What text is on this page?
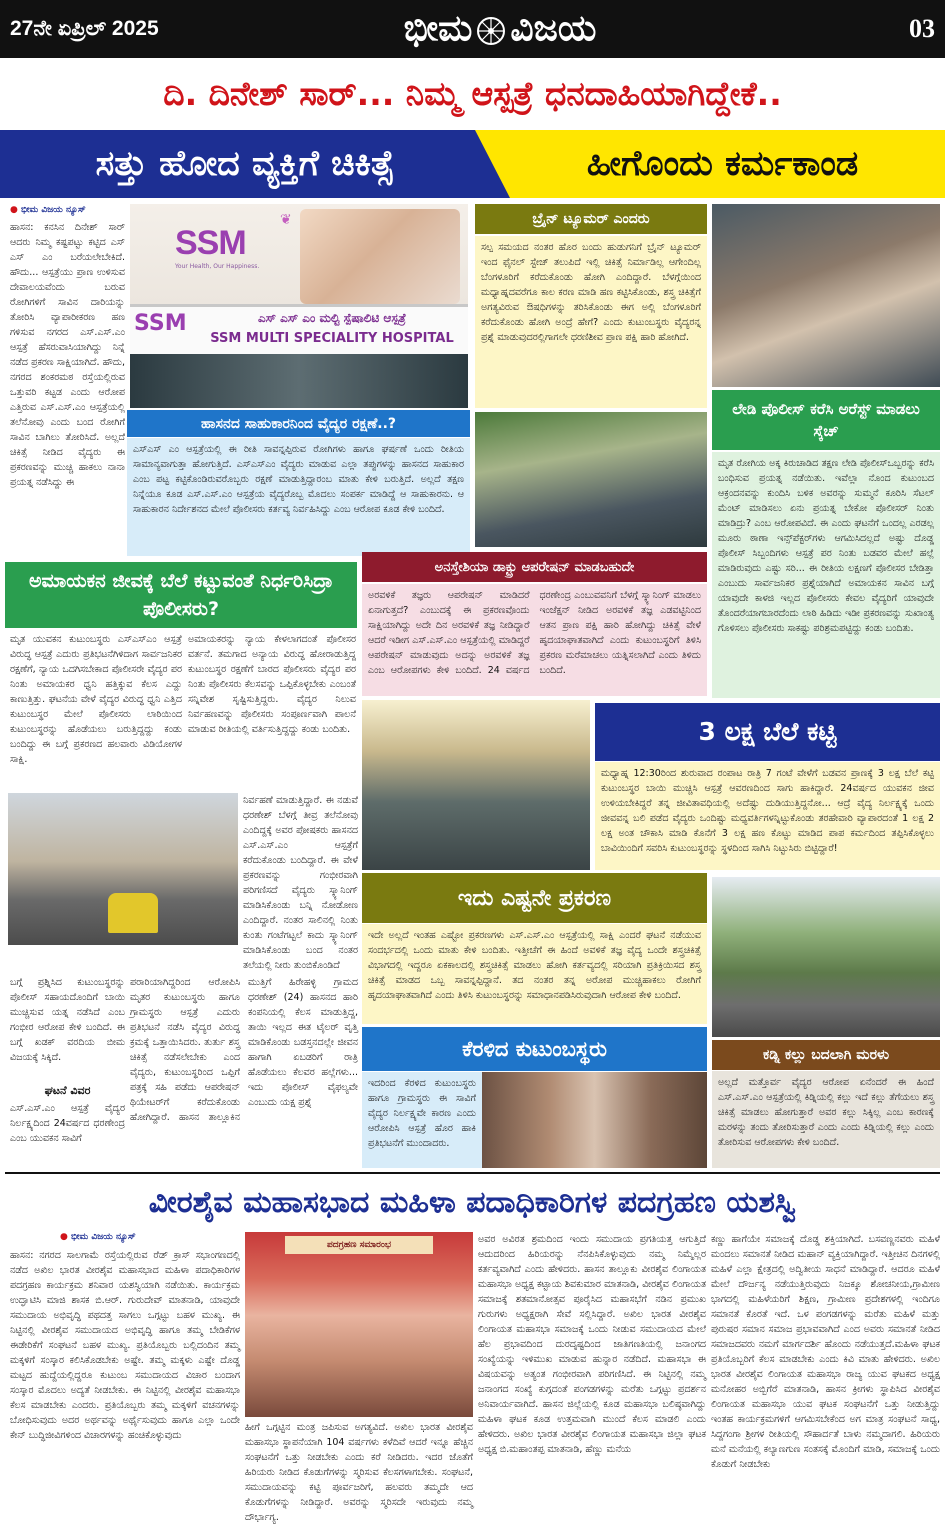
27ನೇ ಏಪ್ರಿಲ್ 2025	ಭೀಮ ವಿಜಯ	03
ದಿ. ದಿನೇಶ್ ಸಾರ್... ನಿಮ್ಮ ಆಸ್ಪತ್ರೆ ಧನದಾಹಿಯಾಗಿದ್ದೇಕೆ..
ಸತ್ತು ಹೋದ ವ್ಯಕ್ತಿಗೆ ಚಿಕಿತ್ಸೆ	ಹೀಗೊಂದು ಕರ್ಮಕಾಂಡ
● ಭೀಮ ವಿಜಯ ನ್ಯೂಸ್
ಹಾಸನ: ಕನಸಿನ ದಿನೇಶ್ ಸಾರ್ ಆದರು ನಿಮ್ಮ ಕಷ್ಟಪಟ್ಟು ಕಟ್ಟಿದ ಎಸ್ ಎಸ್ ಎಂ ಬರೆಯಲೇಬೇಕಿದೆ. ಹೌದು... ಆಸ್ಪತ್ರೆಯು ಪ್ರಾಣ ಉಳಿಸುವ ದೇವಾಲಯವೆಂದು ಬರುವ ರೋಗಿಗಳಿಗೆ ಸಾವಿನ ದಾರಿಯನ್ನು ತೋರಿಸಿ ವ್ಯಾಪಾರೀಕರಣ ಹಣ ಗಳಿಸುವ ನಗರದ ಎಸ್.ಎಸ್.ಎಂ ಆಸ್ಪತ್ರೆ ಹೆಸರುವಾಸಿಯಾಗಿದ್ದು ನಿನ್ನೆ ನಡೆದ ಪ್ರಕರಣ ಸಾಕ್ಷಿಯಾಗಿದೆ. ಹೌದು, ನಗರದ ಶಂಕರಮಠ ರಸ್ತೆಯಲ್ಲಿರುವ ಒತ್ತುವರಿ ಕಟ್ಟಡ ಎಂದು ಆರೋಪ ಎತ್ತಿರುವ ಎಸ್.ಎಸ್.ಎಂ ಆಸ್ಪತ್ರೆಯಲ್ಲಿ ತಲೆನೋವು ಎಂದು ಬಂದ ರೋಗಿಗೆ ಸಾವಿನ ಬಾಗಿಲು ತೋರಿಸಿದೆ. ಅಲ್ಲದೆ ಚಿಕಿತ್ಸೆ ನೀಡಿದ ವೈದ್ಯರು ಈ ಪ್ರಕರಣವನ್ನು ಮುಚ್ಚಿ ಹಾಕಲು ನಾನಾ ಪ್ರಯತ್ನ ನಡೆಸಿದ್ದು ಈ
❦
SSM
Your Health, Our Happiness.
SSM	ಎಸ್ ಎಸ್ ಎಂ ಮಲ್ಟಿ ಸ್ಪೆಷಾಲಿಟಿ ಆಸ್ಪತ್ರೆ
SSM MULTI SPECIALITY HOSPITAL
ಹಾಸನದ ಸಾಹುಕಾರನಿಂದ ವೈದ್ಯರ ರಕ್ಷಣೆ..?
ಎಸ್ಎಸ್ ಎಂ ಆಸ್ಪತ್ರೆಯಲ್ಲಿ ಈ ರೀತಿ ಸಾವನ್ನಪ್ಪಿರುವ ರೋಗಿಗಳು ಹಾಗೂ ಘರ್ಷಣೆ ಒಂದು ರೀತಿಯ ಸಾಮಾನ್ಯವಾಗುತ್ತಾ ಹೋಗುತ್ತಿದೆ. ಎಸ್ಎಸ್ಎಂ ವೈದ್ಯರು ಮಾಡುವ ಎಲ್ಲಾ ತಪ್ಪುಗಳನ್ನು ಹಾಸನದ ಸಾಹುಕಾರ ಎಂಬ ಪಟ್ಟ ಕಟ್ಟಿಕೊಂಡಿರುವರೊಬ್ಬರು ರಕ್ಷಣೆ ಮಾಡುತ್ತಿದ್ದಾರಂಬ ಮಾತು ಕೇಳಿ ಬರುತ್ತಿದೆ. ಅಲ್ಲದೆ ತಕ್ಷಣ ನಿನ್ನೆಯೂ ಕೂಡ ಎಸ್.ಎಸ್.ಎಂ ಆಸ್ಪತ್ರೆಯ ವೈದ್ಯರೊಬ್ಬ ಮೊದಲು ಸಂಪರ್ಕ ಮಾಡಿದ್ದೆ ಆ ಸಾಹುಕಾರನು. ಆ ಸಾಹುಕಾರನ ನಿರ್ದೇಶನದ ಮೇಲೆ ಪೊಲೀಸರು ಕರ್ತವ್ಯ ನಿರ್ವಹಿಸಿದ್ದು ಎಂಬ ಆರೋಪ ಕೂಡ ಕೇಳಿ ಬಂದಿದೆ.
ಬ್ರೈನ್ ಟ್ಯೂಮರ್ ಎಂದರು
ಸಲ್ಪ ಸಮಯದ ನಂತರ ಹೊರ ಬಂದು ಹುಡುಗನಿಗೆ ಬ್ರೈನ್ ಟ್ಯೂಮರ್ ಇಂದ ಫೈನಲ್ ಸ್ಟೇಜ್ ತಲುಪಿದೆ ಇಲ್ಲಿ ಚಿಕಿತ್ಸೆ ನಿರ್ಮಾಡಿಲ್ಲ ಆಗೇಂದಿಲ್ಲ ಬೆಂಗಳೂರಿಗೆ ಕರೆದುಕೊಂಡು ಹೋಗಿ ಎಂದಿದ್ದಾರೆ. ಬೆಳಗ್ಗೆಯಿಂದ ಮಧ್ಯಾಹ್ನದವರೆಗೂ ಕಾಲ ಕರಣ ಮಾಡಿ ಹಣ ಕಟ್ಟಿಸಿಕೊಂಡು, ಶಸ್ತ್ರ ಚಿಕಿತ್ಸೆಗೆ ಅಗತ್ಯವಿರುವ ಔಷಧಿಗಳನ್ನು ತರಿಸಿಕೊಂಡು ಈಗ ಅಲ್ಲಿ ಬೆಂಗಳೂರಿಗೆ ಕರೆದುಕೊಂಡು ಹೋಗಿ ಅಂದ್ರೆ ಹೇಗೆ? ಎಂದು ಕುಟುಂಬಸ್ಥರು ವೈದ್ಯರನ್ನ ಪ್ರಶ್ನೆ ಮಾಡುವುದರಲ್ಲಿಗಾಗಲೇ ಧರಣಿಶೀವ ಪ್ರಾಣ ಪಕ್ಷಿ ಹಾರಿ ಹೋಗಿದೆ.
ಲೇಡಿ ಪೊಲೀಸ್ ಕರೆಸಿ ಅರೆಸ್ಟ್ ಮಾಡಲು ಸ್ಕೆಚ್
ಮೃತ ರೋಗಿಯ ಅಕ್ಕ ಕಿರುಚಾಡಿದ ತಕ್ಷಣ ಲೇಡಿ ಪೊಲೀಸ್‌ಒಬ್ಬರನ್ನು ಕರೆಸಿ ಬಂಧಿಸುವ ಪ್ರಯತ್ನ ನಡೆಯಿತು. ಇವೆಲ್ಲಾ ನೊಂದ ಕುಟುಂಬದ ಆಕ್ರಂದನವನ್ನು ಕುಂದಿಸಿ ಬಳಿಕ ಅವರನ್ನು ಸುಮ್ಮನೆ ಕೂರಿಸಿ ಸೆಟಲ್ ಮೆಂಟ್ ಮಾಡಿಸಲು ಏನು ಪ್ರಯತ್ನ ಬೇಕೋ ಪೊಲೀಸರ್ ನಿಂತು ಮಾಡಿದ್ರು? ಎಂಬ ಆರೋಪವಿದೆ. ಈ ಎಂದು ಘಟನೆಗೆ ಒಂದಲ್ಲ ಎರಡಲ್ಲ ಮೂರು ಠಾಣಾ ಇನ್ಸ್‌ಪೆಕ್ಟರ್‌ಗಳು ಆಗಮಿಸಿದಲ್ಲದೆ ಅಷ್ಟು ದೊಡ್ಡ ಪೊಲೀಸ್ ಸಿಬ್ಬಂದಿಗಳು ಆಸ್ಪತ್ರೆ ಪರ ನಿಂತು ಬಡವರ ಮೇಲೆ ಹಲ್ಲೆ ಮಾಡಿರುವುದು ಎಷ್ಟು ಸರಿ... ಈ ರೀತಿಯ ಲಕ್ಷಣಗೆ ಪೊಲೀಸರ ಬೇಡಿತ್ತಾ ಎಂಬುದು ಸಾರ್ವಜನಿಕರ ಪ್ರಶ್ನೆಯಾಗಿದೆ ಅಮಾಯಕನ ಸಾವಿನ ಬಗ್ಗೆ ಯಾವುದೇ ಕಾಳಜಿ ಇಲ್ಲದ ಪೊಲೀಸರು ಕೇವಲ ವೈದ್ಯರಿಗೆ ಯಾವುದೇ ತೊಂದರೆಯಾಗಬಾರದೆಂದು ಲಾಠಿ ಹಿಡಿದು ಇಡೀ ಪ್ರಕರಣವನ್ನು ಸುಖಾಂತ್ಯ ಗೊಳಿಸಲು ಪೊಲೀಸರು ಸಾಕಷ್ಟು ಪರಿಶ್ರಮಪಟ್ಟಿದ್ದು ಕಂಡು ಬಂದಿತು.
ಅಮಾಯಕನ ಜೀವಕ್ಕೆ ಬೆಲೆ ಕಟ್ಟುವಂತೆ ನಿರ್ಧರಿಸಿದ್ರಾ ಪೊಲೀಸರು?
ಮೃತ ಯುವಕನ ಕುಟುಂಬಸ್ಥರು ಎಸ್ಎಸ್ಎಂ ಆಸ್ಪತ್ರೆ ವಿರುದ್ಧ ಆಸ್ಪತ್ರೆ ಎದುರು ಪ್ರತಿಭಟನೆಗಿಳಿದಾಗ ಸಾರ್ವಜನಿಕರ ರಕ್ಷಣೆಗೆ, ನ್ಯಾಯ ಒದಗಿಸಬೇಕಾದ ಪೊಲೀಸರೇ ವೈದ್ಯರ ಪರ ನಿಂತು ಅಮಾಯಕರ ಧ್ವನಿ ಹತ್ತಿಕ್ಕುವ ಕೆಲಸ ಎದ್ದು ಕಾಣುತ್ತಿತ್ತು. ಘಟನೆಯ ವೇಳೆ ವೈದ್ಯರ ವಿರುದ್ಧ ಧ್ವನಿ ಎತ್ತಿದ ಕುಟುಂಬಸ್ಥರ ಮೇಲೆ ಪೊಲೀಸರು ಲಾಠಿಯಿಂದ ಕುಟುಂಬಸ್ಥರನ್ನು ಹೊಡೆಯಲು ಬರುತ್ತಿದ್ದದ್ದು ಕಂಡು ಬಂದಿದ್ದು ಈ ಬಗ್ಗೆ ಪ್ರಕರಣದ ಹಲವಾರು ವಿಡಿಯೋಗಳ ಸಾಕ್ಷಿ.
ಅಮಾಯಕರನ್ನು ನ್ಯಾಯ ಕೇಳಲಾಗದಂತೆ ಪೊಲೀಸರ ವರ್ತನೆ. ತಮಗಾದ ಅನ್ಯಾಯ ವಿರುದ್ಧ ಹೋರಾಡುತ್ತಿದ್ದ ಕುಟುಂಬಸ್ಥರ ರಕ್ಷಣೆಗೆ ಬಾರದ ಪೊಲೀಸರು ವೈದ್ಯರ ಪರ ನಿಂತು ಪೊಲೀಸರು ಕೆಲಸವನ್ನು ಒಪ್ಪಿಕೊಳ್ಳಬೇಕು ಎಂಬಂತೆ ಸನ್ನಿವೇಶ ಸೃಷ್ಟಿಸುತ್ತಿದ್ದರು. ವೈದ್ಯರ ನಿಲುವ ನಿರ್ವಹಣವನ್ನು ಪೊಲೀಸರು ಸಂಪೂರ್ಣವಾಗಿ ಪಾಲನೆ ಮಾಡುವ ರೀತಿಯಲ್ಲಿ ವರ್ತಿಸುತ್ತಿದ್ದದ್ದು ಕಂಡು ಬಂದಿತು.
ಅನಸ್ತೇಶಿಯಾ ಡಾಕ್ಟ್ರು ಆಪರೇಷನ್ ಮಾಡಬಹುದೇ
ಅರವಳಿಕೆ ತಜ್ಞರು ಆಪರೇಷನ್ ಮಾಡಿದರೆ ಏನಾಗುತ್ತದೆ? ಎಂಬುದಕ್ಕೆ ಈ ಪ್ರಕರಣವೊಂದು ಸಾಕ್ಷಿಯಾಗಿದ್ದು ಅದೇ ದಿನ ಅರವಳಿಕೆ ತಜ್ಞ ನೀಡಿದ್ದಾರೆ ಆದರೆ ಇಡೀಗ ಎಸ್.ಎಸ್.ಎಂ ಆಸ್ಪತ್ರೆಯಲ್ಲಿ ಮಾಡಿದ್ದರೆ ಆಪರೇಷನ್ ಮಾಡುವುದು ಅದನ್ನು ಅರವಳಿಕೆ ತಜ್ಞ ಎಂಬ ಆರೋಪಗಳು ಕೇಳಿ ಬಂದಿದೆ. 24 ವರ್ಷದ ಧರಣೇಂದ್ರ ಎಂಬುವವನಿಗೆ ಬೆಳಗ್ಗೆ ಸ್ಕ್ಯಾನಿಂಗ್ ಮಾಡಲು ಇಂಜೆಕ್ಷನ್ ನೀಡಿದ ಅರವಳಿಕೆ ತಜ್ಞ ಎಡವಟ್ಟಿನಿಂದ ಆತನ ಪ್ರಾಣ ಪಕ್ಷಿ ಹಾರಿ ಹೋಗಿದ್ದು ಚಿಕಿತ್ಸೆ ವೇಳೆ ಹೃದಯಾಘಾತವಾಗಿದೆ ಎಂದು ಕುಟುಂಬಸ್ಥರಿಗೆ ತಿಳಿಸಿ ಪ್ರಕರಣ ಮರೆಮಾಚಲು ಯತ್ನಿಸಲಾಗಿದೆ ಎಂದು ತಿಳಿದು ಬಂದಿದೆ.
ನಿರ್ವಹಣೆ ಮಾಡುತ್ತಿದ್ದಾರೆ. ಈ ನಡುವೆ ಧರಣೇಶ್ ಬೆಳಗ್ಗೆ ತೀವ್ರ ತಲೆನೋವು ಎಂದಿದ್ದಕ್ಕೆ ಅವರ ಪೋಷಕರು ಹಾಸನದ ಎಸ್.ಎಸ್.ಎಂ ಆಸ್ಪತ್ರೆಗೆ ಕರೆದುಕೊಂಡು ಬಂದಿದ್ದಾರೆ. ಈ ವೇಳೆ ಪ್ರಕರಣವನ್ನು ಗಂಭೀರವಾಗಿ ಪರಿಗಣಿಸದೆ ವೈದ್ಯರು ಸ್ಕ್ಯಾನಿಂಗ್ ಮಾಡಿಸಿಕೊಂಡು ಬನ್ನಿ ನೋಡೋಣ ಎಂದಿದ್ದಾರೆ. ನಂತರ ಸಾಲಿನಲ್ಲಿ ನಿಂತು ಕುಂತು ಗಂಟೆಗಟ್ಟಲೆ ಕಾದು ಸ್ಕ್ಯಾನಿಂಗ್ ಮಾಡಿಸಿಕೊಂಡು ಬಂದ ನಂತರ ತಲೆಯಲ್ಲಿ ನೀರು ತುಂಬಿಕೊಂಡಿದೆ
ಬಗ್ಗೆ ಪ್ರಶ್ನಿಸಿದ ಕುಟುಂಬಸ್ಥರನ್ನು ಪೊಲೀಸ್ ಸಹಾಯದೊಂದಿಗೆ ಬಾಯಿ ಮುಚ್ಚಿಸುವ ಯತ್ನ ನಡೆಸಿದೆ ಎಂಬ ಗಂಭೀರ ಆರೋಪ ಕೇಳಿ ಬಂದಿದೆ. ಈ ಬಗ್ಗೆ ಖಡಕ್ ವರದಿಯ ಬೀಮ ವಿಜಯಕ್ಕೆ ಸಿಕ್ಕಿದೆ.
ಘಟನೆ ವಿವರ
ಎಸ್.ಎಸ್.ಎಂ ಆಸ್ಪತ್ರೆ ವೈದ್ಯರ ನಿರ್ಲಕ್ಷ್ಯದಿಂದ 24ವರ್ಷದ ಧರಣೇಂದ್ರ ಎಂಬ ಯುವಕನ ಸಾವಿಗೆ
ಪರಾರಿಯಾಗಿದ್ದರಿಂದ ಆರೋಪಿಸಿ ಮೃತರ ಕುಟುಂಬಸ್ಥರು ಹಾಗೂ ಗ್ರಾಮಸ್ಥರು ಆಸ್ಪತ್ರೆ ಎದುರು ಪ್ರತಿಭಟನೆ ನಡೆಸಿ ವೈದ್ಯರ ವಿರುದ್ಧ ಕ್ರಮಕ್ಕೆ ಒತ್ತಾಯಿಸಿದರು. ತುರ್ತು ಶಸ್ತ್ರ ಚಿಕಿತ್ಸೆ ನಡೆಸಲೇಬೇಕು ಎಂದ ವೈದ್ಯರು, ಕುಟುಂಬಸ್ಥರಿಂದ ಒಪ್ಪಿಗೆ ಪತ್ರಕ್ಕೆ ಸಹಿ ಪಡೆದು ಆಪರೇಷನ್ ಥಿಯೇಟರ್‌ಗೆ ಕರೆದುಕೊಂಡು ಹೋಗಿದ್ದಾರೆ. ಹಾಸನ ತಾಲ್ಲೂಕಿನ ಮುತ್ತಿಗೆ ಹಿರೇಹಳ್ಳಿ ಗ್ರಾಮದ ಧರಣೇಶ್ (24) ಹಾಸನದ ಹಾರಿ ಕಂಪನಿಯಲ್ಲಿ ಕೆಲಸ ಮಾಡುತ್ತಿದ್ದ, ತಾಯಿ ಇಲ್ಲದ ಈತ ಟೈಲರ್ ವೃತ್ತಿ ಮಾಡಿಕೊಂಡು ಬಡಸ್ತನದಲ್ಲೇ ಜೀವನ ಹಾಗಾಗಿ ಏಬಡರಿಗೆ ರಾತ್ರಿ ಹೊಡೆಯಲು ಕೆಲವರ ಹಲ್ಲೆಗಳು... ಇದು ಪೊಲೀಸ್ ವೈಫಲ್ಯವೇ ಎಂಬುದು ಯಕ್ಷ ಪ್ರಶ್ನೆ
3 ಲಕ್ಷ ಬೆಲೆ ಕಟ್ಟಿ
ಮಧ್ಯಾಹ್ನ 12:30ರಿಂದ ಶುರುವಾದ ರಂಪಾಟ ರಾತ್ರಿ 7 ಗಂಟೆ ವೇಳೆಗೆ ಬಡವನ ಪ್ರಾಣಕ್ಕೆ 3 ಲಕ್ಷ ಬೆಲೆ ಕಟ್ಟಿ ಕುಟುಂಬಸ್ಥರ ಬಾಯಿ ಮುಚ್ಚಿಸಿ ಆಸ್ಪತ್ರೆ ಆವರಣದಿಂದ ಸಾಗು ಹಾಕಿದ್ದಾರೆ. 24ವರ್ಷದ ಯುವಕನ ಜೀವ ಉಳಿಯಬೇಕಿದ್ದರೆ ತನ್ನ ಜೀವಿತಾವಧಿಯಲ್ಲಿ ಅದೆಷ್ಟು ದುಡಿಯುತ್ತಿದ್ದನೋ... ಆದ್ರೆ ವೈದ್ಯ ನಿರ್ಲಕ್ಷ್ಯಕ್ಕೆ ಒಂದು ಜೀವವನ್ನ ಬಲಿ ಪಡೆದ ವೈದ್ಯರು ಒಂದಿಷ್ಟು ಮಧ್ಯವರ್ತಿಗಳನ್ನಿಟ್ಟುಕೊಂಡು ತರಹೇವಾರಿ ವ್ಯಾಪಾರದಂತೆ 1 ಲಕ್ಷ 2 ಲಕ್ಷ ಅಂತ ಚೌಕಾಸಿ ಮಾಡಿ ಕೊನೆಗೆ 3 ಲಕ್ಷ ಹಣ ಕೊಟ್ಟು ಮಾಡಿದ ಪಾಪ ಕರ್ಮದಿಂದ ತಪ್ಪಿಸಿಕೊಳ್ಳಲು ಬಾವಿಯಿಂದಿಗೆ ಸವರಿಸಿ ಕುಟುಂಬಸ್ಥರನ್ನು ಸ್ಥಳದಿಂದ ಸಾಗಿಸಿ ನಿಟ್ಟುಸಿರು ಬಿಟ್ಟಿದ್ದಾರೆ!
ಇದು ಎಷ್ಟನೇ ಪ್ರಕರಣ
ಇದೇ ಅಲ್ಲದೆ ಇಂತಹ ಎಷ್ಟೋ ಪ್ರಕರಣಗಳು ಎಸ್.ಎಸ್.ಎಂ ಆಸ್ಪತ್ರೆಯಲ್ಲಿ ಸಾಕ್ಷಿ ಎಂದರೆ ಘಟನೆ ನಡೆಯುವ ಸಂದರ್ಭದಲ್ಲಿ ಒಂದು ಮಾತು ಕೇಳಿ ಬಂದಿತು. ಇತ್ತೀಚೆಗೆ ಈ ಹಿಂದೆ ಅವಳಿಕೆ ತಜ್ಞ ವೈದ್ಯ ಒಂದೇ ಶಸ್ತ್ರಚಿಕಿತ್ಸೆ ವಿಭಾಗದಲ್ಲಿ ಇದ್ದರೂ ಏಕಕಾಲದಲ್ಲಿ ಶಸ್ತ್ರಚಿಕಿತ್ಸೆ ಮಾಡಲು ಹೋಗಿ ಕರ್ತವ್ಯದಲ್ಲಿ ಸರಿಯಾಗಿ ಪ್ರತಿಕ್ರಿಯಿಸದ ಶಸ್ತ್ರ ಚಿಕಿತ್ಸೆ ಮಾಡದ ಒಬ್ಬ ಸಾವನ್ನಪ್ಪಿದ್ದಾನೆ. ತದ ನಂತರ ತನ್ನ ಅರೋಪ ಮುಚ್ಚಿಹಾಕಲು ರೋಗಿಗೆ ಹೃದಯಾಘಾತವಾಗಿದೆ ಎಂದು ತಿಳಿಸಿ ಕುಟುಂಬಸ್ಥರನ್ನು ಸಮಾಧಾನಪಡಿಸಿರುವುದಾಗಿ ಆರೋಪ ಕೇಳಿ ಬಂದಿದೆ.
ಕೆರಳಿದ ಕುಟುಂಬಸ್ಥರು
ಇದರಿಂದ ಕೆರಳಿದ ಕುಟುಂಬಸ್ಥರು ಹಾಗೂ ಗ್ರಾಮಸ್ಥರು ಈ ಸಾವಿಗೆ ವೈದ್ಯರ ನಿರ್ಲಕ್ಷ್ಯವೇ ಕಾರಣ ಎಂದು ಆರೋಪಿಸಿ ಆಸ್ಪತ್ರೆ ಹೊರ ಹಾಕಿ ಪ್ರತಿಭಟನೆಗೆ ಮುಂದಾದರು.
ಕಡ್ನಿ ಕಲ್ಲು ಬದಲಾಗಿ ಮರಳು
ಅಲ್ಲದೆ ಮತ್ತೊರ್ವ ವೈದ್ಯರ ಆರೋಪ ಏನೆಂದರೆ ಈ ಹಿಂದೆ ಎಸ್.ಎಸ್.ಎಂ ಆಸ್ಪತ್ರೆಯಲ್ಲಿ ಕಿಡ್ನಿಯಲ್ಲಿ ಕಲ್ಲು ಇದೆ ಕಲ್ಲು ತೆಗೆಯಲು ಶಸ್ತ್ರ ಚಿಕಿತ್ಸೆ ಮಾಡಲು ಹೋಗುತ್ತಾರೆ ಅವರ ಕಲ್ಲು ಸಿಕ್ಕಿಲ್ಲ ಎಂಬ ಕಾರಣಕ್ಕೆ ಮರಳನ್ನು ತಂದು ತೋರಿಸುತ್ತಾರೆ ಎಂದು ಎಂದು ಕಿಡ್ನಿಯಲ್ಲಿ ಕಲ್ಲು ಎಂದು ತೋರಿಸುವ ಆರೋಪಗಳು ಕೇಳಿ ಬಂದಿದೆ.
ವೀರಶೈವ ಮಹಾಸಭಾದ ಮಹಿಳಾ ಪದಾಧಿಕಾರಿಗಳ ಪದಗ್ರಹಣ ಯಶಸ್ವಿ
● ಭೀಮ ವಿಜಯ ನ್ಯೂಸ್
ಹಾಸನ: ನಗರದ ಸಾಲಗಾಮೆ ರಸ್ತೆಯಲ್ಲಿರುವ ರೆಡ್ ಕ್ರಾಸ್ ಸಭಾಂಗಣದಲ್ಲಿ ನಡೆದ ಅಖಿಲ ಭಾರತ ವೀರಶೈವ ಮಹಾಸಭಾದ ಮಹಿಳಾ ಪದಾಧಿಕಾರಿಗಳ ಪದಗ್ರಹಣ ಕಾರ್ಯಕ್ರಮ ಶನಿವಾರ ಯಶಸ್ವಿಯಾಗಿ ನಡೆಯಿತು. ಕಾರ್ಯಕ್ರಮ ಉದ್ಘಾಟಿಸಿ ಮಾಜಿ ಶಾಸಕ ಬಿ.ಆರ್. ಗುರುದೇವ್ ಮಾತನಾಡಿ, ಯಾವುದೇ ಸಮುದಾಯ ಅಭಿವೃದ್ಧಿ ಪಥದತ್ತ ಸಾಗಲು ಒಗ್ಗಟ್ಟು ಬಹಳ ಮುಖ್ಯ. ಈ ನಿಟ್ಟಿನಲ್ಲಿ ವೀರಶೈವ ಸಮುದಾಯದ ಅಭಿವೃದ್ಧಿ ಹಾಗೂ ತಮ್ಮ ಬೇಡಿಕೆಗಳ ಈಡೇರಿಕೆಗೆ ಸಂಘಟನೆ ಬಹಳ ಮುಖ್ಯ. ಪ್ರತಿಯೊಬ್ಬರು ಬಲ್ಲಿದಂದಿನ ತಮ್ಮ ಮಕ್ಕಳಿಗೆ ಸಂಸ್ಕಾರ ಕಲಿಸಿಕೊಡಬೇಕು ಅಷ್ಟೇ. ತಮ್ಮ ಮಕ್ಕಳು ಎಷ್ಟೇ ದೊಡ್ಡ ಮಟ್ಟದ ಹುದ್ದೆಯಲ್ಲಿದ್ದರೂ ಕುಟುಂಬ ಸಮುದಾಯದ ವಿಚಾರ ಬಂದಾಗ ಸಂಸ್ಕಾರ ಮೊದಲು ಅದ್ಯತೆ ನೀಡಬೇಕು. ಈ ನಿಟ್ಟಿನಲ್ಲಿ ವೀರಶೈವ ಮಹಾಸಭಾ ಕೆಲಸ ಮಾಡಬೇಕು ಎಂದರು. ಪ್ರತಿಯೊಬ್ಬರು ತಮ್ಮ ಮಕ್ಕಳಿಗೆ ವಚನಗಳನ್ನು ಬೋಧಿಸುವುದು ಅದರ ಅರ್ಥವನ್ನು ಅರ್ಥೈಸುವುದು ಹಾಗೂ ಎಲ್ಲಾ ಒಂದೇ ಕೇನ್ ಬುದ್ಧಿಜೀವಿಗಳಿಂದ ವಿಚಾರಗಳನ್ನು ಹಂಚಿಕೊಳ್ಳುವುದು
ಪದಗ್ರಹಣ ಸಮಾರಂಭ
ಹೀಗೆ ಒಗ್ಗಟ್ಟಿನ ಮಂತ್ರ ಜಪಿಸುವ ಅಗತ್ಯವಿದೆ. ಅಖಿಲ ಭಾರತ ವೀರಶೈವ ಮಹಾಸಭಾ ಸ್ಥಾಪನೆಯಾಗಿ 104 ವರ್ಷಗಳು ಕಳೆದಿವೆ ಆದರೆ ಇನ್ನೂ ಹೆಚ್ಚಿನ ಸಂಘಟನೆಗೆ ಒತ್ತು ನೀಡಬೇಕು ಎಂದು ಕರೆ ನೀಡಿದರು. ಇದರ ಜೊತೆಗೆ ಹಿರಿಯರು ನೀಡಿದ ಕೊಡುಗೆಗಳನ್ನು ಸ್ಮರಿಸುವ ಕೆಲಸಗಳಾಗಬೇಕು. ಸಂಘಟನೆ, ಸಮುದಾಯವನ್ನು ಕಟ್ಟಿ ಪೂರ್ವಜರಿಗೆ, ಹಲವರು ತಮ್ಮದೇ ಆದ ಕೊಡುಗೆಗಳನ್ನು ನೀಡಿದ್ದಾರೆ. ಅವರನ್ನು ಸ್ಮರಿಸದೇ ಇರುವುದು ನಮ್ಮ ದೌರ್ಭಾಗ್ಯ.
ಅವರ ಅವಿರತ ಶ್ರಮದಿಂದ ಇಂದು ಸಮುದಾಯ ಪ್ರಗತಿಯತ್ತ ಆಗುತ್ತಿದೆ ಆದುದರಿಂದ ಹಿರಿಯರನ್ನು ನೆನಪಿಸಿಕೊಳ್ಳುವುದು ನಮ್ಮ ನಿಮ್ಮೆಲ್ಲರ ಕರ್ತವ್ಯವಾಗಿದೆ ಎಂದು ಹೇಳಿದರು. ಹಾಸನ ತಾಲ್ಲೂಕು ವೀರಶೈವ ಲಿಂಗಾಯತ ಮಹಾಸಭಾ ಅಧ್ಯಕ್ಷ ಕಟ್ಟಾಯ ಶಿವಕುಮಾರ ಮಾತನಾಡಿ, ವೀರಶೈವ ಲಿಂಗಾಯತ ಸಮಾಜಕ್ಕೆ ಶತಮಾನೋತ್ಸವ ಪೂರೈಸಿದ ಮಹಾಸಭೆಗೆ ನಡಿನ ಪ್ರಮುಖ ಗುರುಗಳು ಅಧ್ಯಕ್ಷರಾಗಿ ಸೇವೆ ಸಲ್ಲಿಸಿದ್ದಾರೆ. ಅಖಿಲ ಭಾರತ ವೀರಶೈವ ಲಿಂಗಾಯತ ಮಹಾಸಭಾ ಸಮಾಜಕ್ಕೆ ಒಂದು ನೀಡುವ ಸಮುದಾಯದ ಮೇಲೆ ಹೆಲ ಪ್ರಭಾವದಿಂದ ದುರದೃಷ್ಟದಿಂದ ಜಾತಿಗಣತಿಯಲ್ಲಿ ಜನಾಂಗದ ಸಂಖ್ಯೆಯನ್ನು ಇಳಿಮುಖ ಮಾಡುವ ಹುನ್ನಾರ ನಡೆದಿದೆ. ಮಹಾಸಭಾ ಈ ವಿಷಯವನ್ನು ಅತ್ಯಂತ ಗಂಭೀರವಾಗಿ ಪರಿಗಣಿಸಿದೆ. ಈ ನಿಟ್ಟಿನಲ್ಲಿ ನಮ್ಮ ಜನಾಂಗದ ಸಂಖ್ಯೆ ಕುಗ್ಗದಂತೆ ಪಂಗಡಗಳನ್ನು ಮರೆತು ಒಗ್ಗಟ್ಟು ಪ್ರದರ್ಶನ ಅನಿವಾರ್ಯವಾಗಿದೆ. ಹಾಸನ ಜಿಲ್ಲೆಯಲ್ಲಿ ಕೂಡ ಮಹಾಸಭಾ ಬಲಿಷ್ಠವಾಗಿದ್ದು ಮಹಿಳಾ ಘಟಕ ಕೂಡ ಉತ್ತಮವಾಗಿ ಮುಂದೆ ಕೆಲಸ ಮಾಡಲಿ ಎಂದು ಹೇಳಿದರು. ಅಖಿಲ ಭಾರತ ವೀರಶೈವ ಲಿಂಗಾಯತ ಮಹಾಸಭಾ ಜಿಲ್ಲಾ ಘಟಕ ಅಧ್ಯಕ್ಷ ಬಿ.ಮಹಾಂತಪ್ಪ ಮಾತನಾಡಿ, ಹೆಣ್ಣು ಮನೆಯ
ಕಣ್ಣು ಹಾಗೆಯೇ ಸಮಾಜಕ್ಕೆ ದೊಡ್ಡ ಶಕ್ತಿಯಾಗಿದೆ. ಬಸವಣ್ಣನವರು ಮಹಿಳೆ ಮಂದಲು ಸಮಾನತೆ ನೀಡಿದ ಮಹಾನ್ ವ್ಯಕ್ತಿಯಾಗಿದ್ದಾರೆ. ಇತ್ತೀಚಿನ ದಿನಗಳಲ್ಲಿ ಮಹಿಳೆ ಎಲ್ಲಾ ಕ್ಷೇತ್ರದಲ್ಲಿ ಅದ್ವಿತೀಯ ಸಾಧನೆ ಮಾಡಿದ್ದಾರೆ. ಆದರೂ ಮಹಿಳೆ ಮೇಲೆ ದೌರ್ಜನ್ಯ ನಡೆಯುತ್ತಿರುವುದು ನಿಜಕ್ಕೂ ಶೋಚನೀಯ,ಗ್ರಾಮೀಣ ಭಾಗದಲ್ಲಿ ಮಹಿಳೆಯರಿಗೆ ಶಿಕ್ಷಣ, ಗ್ರಾಮೀಣ ಪ್ರದೇಶಗಳಲ್ಲಿ ಇಂದಿಗೂ ಸಮಾನತೆ ಕೊರತೆ ಇದೆ. ಒಳ ಪಂಗಡಗಳನ್ನು ಮರೆತು ಮಹಿಳೆ ಮತ್ತು ಪುರುಷರ ಸಮಾನ ಸಮಾಜ ಪ್ರಭಾವವಾಗಿದೆ ಎಂದ ಅವರು ಸಮಾನತೆ ನೀಡಿದ ಸಮಾಜದವರು ನಮಗೆ ಮಾರ್ಗದರ್ಶಿ ಹೊಂದು ನಡೆಯುತ್ತದೆ.ಮಹಿಳಾ ಘಟಕ ಪ್ರತಿಯೊಬ್ಬರಿಗೆ ಕೆಲಸ ಮಾಡಬೇಕು ಎಂದು ಕಿವಿ ಮಾತು ಹೇಳಿದರು. ಅಖಿಲ ಭಾರತ ವೀರಶೈವ ಲಿಂಗಾಯತ ಮಹಾಸಭಾ ರಾಜ್ಯ ಯುವ ಘಟಕದ ಅಧ್ಯಕ್ಷ ಮನೋಹರ ಅಬ್ಬಿಗೆರೆ ಮಾತನಾಡಿ, ಹಾಸನ ಕ್ರೀಗಳು ಸ್ಥಾಪಿಸಿದ ವೀರಶೈವ ಲಿಂಗಾಯತ ಮಹಾಸಭಾ ಯುವ ಘಟಕ ಸಂಘಟನೆಗೆ ಒತ್ತು ನೀಡುತ್ತಿದ್ದು ಇಂತಹ ಕಾರ್ಯಕ್ರಮಗಳಿಗೆ ಆಗಮಿಸಬೇಕೆಂದ ಅಗ ಮಾತ್ರ ಸಂಘಟನೆ ಸಾಧ್ಯ, ಸಿದ್ದಗಂಗಾ ಶ್ರೀಗಳ ರೀತಿಯಲ್ಲಿ ಸೌಹಾರ್ದತೆ ಬಾಳು ನಮ್ಮದಾಗಲಿ. ಹಿರಿಯರು ಮನೆ ಮನೆಯಲ್ಲಿ ಕಲ್ಯಾಣಗುಣ ಸಂತಸಕ್ಕೆ ಮೊಂದಿಗೆ ಮಾಡಿ, ಸಮಾಜಕ್ಕೆ ಒಂದು ಕೊಡುಗೆ ನೀಡಬೇಕು
